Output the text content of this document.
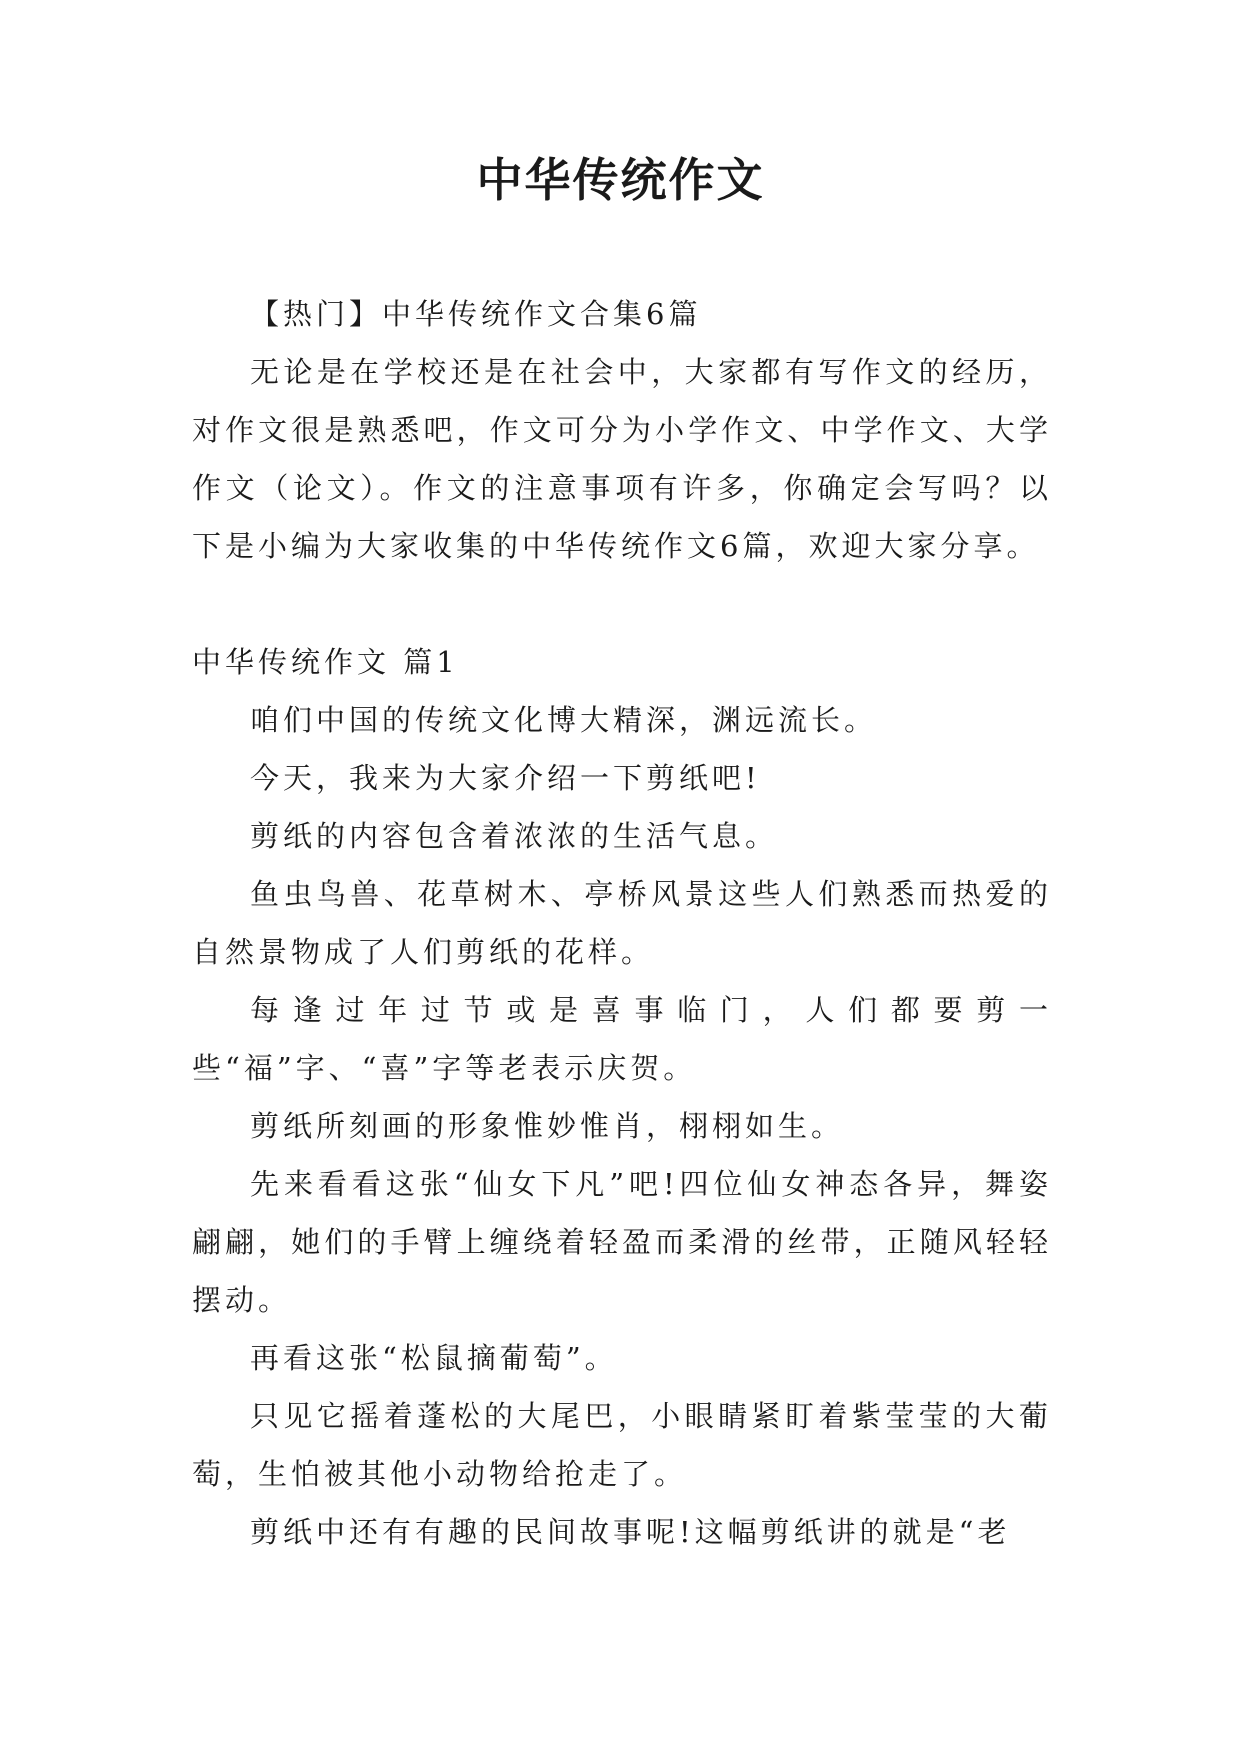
中华传统作文

【热门】中华传统作文合集6篇

无论是在学校还是在社会中，大家都有写作文的经历，对作文很是熟悉吧，作文可分为小学作文、中学作文、大学作文（论文）。作文的注意事项有许多，你确定会写吗？以下是小编为大家收集的中华传统作文6篇，欢迎大家分享。

中华传统作文 篇1

咱们中国的传统文化博大精深，渊远流长。

今天，我来为大家介绍一下剪纸吧!

剪纸的内容包含着浓浓的生活气息。

鱼虫鸟兽、花草树木、亭桥风景这些人们熟悉而热爱的自然景物成了人们剪纸的花样。

每逢过年过节或是喜事临门，人们都要剪一些“福”字、“喜”字等老表示庆贺。

剪纸所刻画的形象惟妙惟肖，栩栩如生。

先来看看这张“仙女下凡”吧!四位仙女神态各异，舞姿翩翩，她们的手臂上缠绕着轻盈而柔滑的丝带，正随风轻轻摆动。

再看这张“松鼠摘葡萄”。

只见它摇着蓬松的大尾巴，小眼睛紧盯着紫莹莹的大葡萄，生怕被其他小动物给抢走了。

剪纸中还有有趣的民间故事呢!这幅剪纸讲的就是“老
